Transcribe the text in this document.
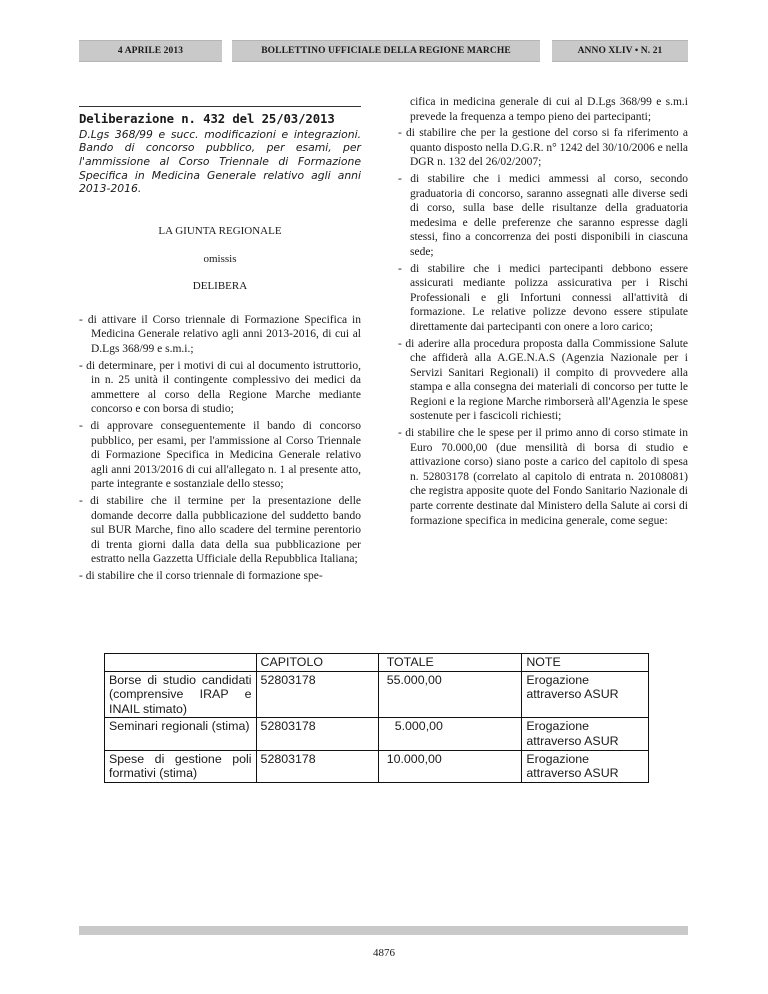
4 APRILE 2013	BOLLETTINO UFFICIALE DELLA REGIONE MARCHE	ANNO XLIV • N. 21

Deliberazione n. 432 del 25/03/2013

D.Lgs 368/99 e succ. modificazioni e integrazioni. Bando di concorso pubblico, per esami, per l'ammissione al Corso Triennale di Formazione Specifica in Medicina Generale relativo agli anni 2013-2016.

LA GIUNTA REGIONALE
omissis
DELIBERA

- di attivare il Corso triennale di Formazione Specifica in Medicina Generale relativo agli anni 2013-2016, di cui al D.Lgs 368/99 e s.m.i.;

- di determinare, per i motivi di cui al documento istruttorio, in n. 25 unità il contingente complessivo dei medici da ammettere al corso della Regione Marche mediante concorso e con borsa di studio;

- di approvare conseguentemente il bando di concorso pubblico, per esami, per l'ammissione al Corso Triennale di Formazione Specifica in Medicina Generale relativo agli anni 2013/2016 di cui all'allegato n. 1 al presente atto, parte integrante e sostanziale dello stesso;

- di stabilire che il termine per la presentazione delle domande decorre dalla pubblicazione del suddetto bando sul BUR Marche, fino allo scadere del termine perentorio di trenta giorni dalla data della sua pubblicazione per estratto nella Gazzetta Ufficiale della Repubblica Italiana;

- di stabilire che il corso triennale di formazione spe-

cifica in medicina generale di cui al D.Lgs 368/99 e s.m.i prevede la frequenza a tempo pieno dei partecipanti;

- di stabilire che per la gestione del corso si fa riferimento a quanto disposto nella D.G.R. n° 1242 del 30/10/2006 e nella DGR n. 132 del 26/02/2007;

- di stabilire che i medici ammessi al corso, secondo graduatoria di concorso, saranno assegnati alle diverse sedi di corso, sulla base delle risultanze della graduatoria medesima e delle preferenze che saranno espresse dagli stessi, fino a concorrenza dei posti disponibili in ciascuna sede;

- di stabilire che i medici partecipanti debbono essere assicurati mediante polizza assicurativa per i Rischi Professionali e gli Infortuni connessi all'attività di formazione. Le relative polizze devono essere stipulate direttamente dai partecipanti con onere a loro carico;

- di aderire alla procedura proposta dalla Commissione Salute che affiderà alla A.GE.N.A.S (Agenzia Nazionale per i Servizi Sanitari Regionali) il compito di provvedere alla stampa e alla consegna dei materiali di concorso per tutte le Regioni e la regione Marche rimborserà all'Agenzia le spese sostenute per i fascicoli richiesti;

- di stabilire che le spese per il primo anno di corso stimate in Euro 70.000,00 (due mensilità di borsa di studio e attivazione corso) siano poste a carico del capitolo di spesa n. 52803178 (correlato al capitolo di entrata n. 20108081) che registra apposite quote del Fondo Sanitario Nazionale di parte corrente destinate dal Ministero della Salute ai corsi di formazione specifica in medicina generale, come segue:

	CAPITOLO	TOTALE	NOTE
Borse di studio candidati (comprensive IRAP e INAIL stimato)	52803178	55.000,00	Erogazione attraverso ASUR
Seminari regionali (stima)	52803178	5.000,00	Erogazione attraverso ASUR
Spese di gestione poli formativi (stima)	52803178	10.000,00	Erogazione attraverso ASUR
4876
